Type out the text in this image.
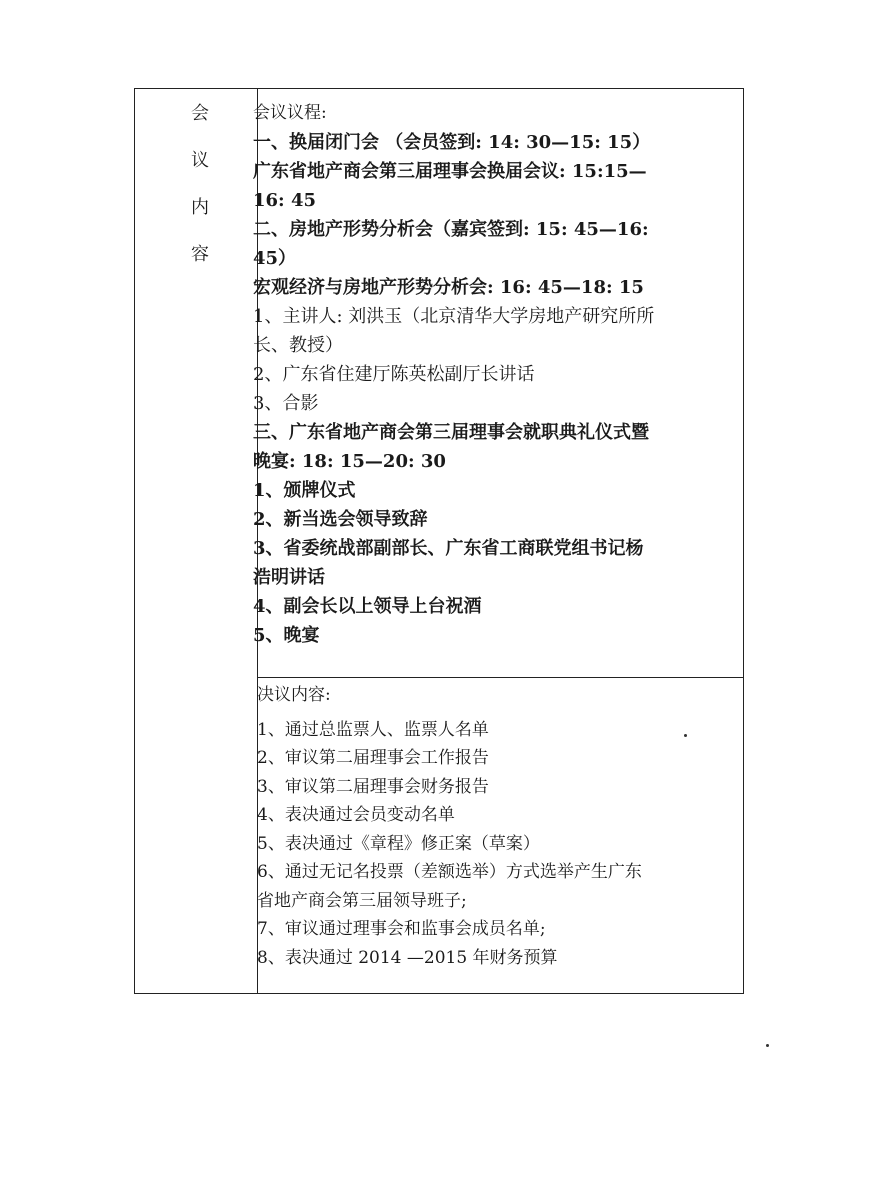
会
议
内
容
会议议程:
一、换届闭门会 （会员签到: 14: 30—15: 15）
广东省地产商会第三届理事会换届会议: 15:15—
16: 45
二、房地产形势分析会（嘉宾签到: 15: 45—16:
45）
宏观经济与房地产形势分析会: 16: 45—18: 15
1、主讲人: 刘洪玉（北京清华大学房地产研究所所
长、教授）
2、广东省住建厅陈英松副厅长讲话
3、合影
三、广东省地产商会第三届理事会就职典礼仪式暨
晚宴: 18: 15—20: 30
1、颁牌仪式
2、新当选会领导致辞
3、省委统战部副部长、广东省工商联党组书记杨
浩明讲话
4、副会长以上领导上台祝酒
5、晚宴
决议内容:
1、通过总监票人、监票人名单
2、审议第二届理事会工作报告
3、审议第二届理事会财务报告
4、表决通过会员变动名单
5、表决通过《章程》修正案（草案）
6、通过无记名投票（差额选举）方式选举产生广东
省地产商会第三届领导班子;
7、审议通过理事会和监事会成员名单;
8、表决通过 2014 —2015 年财务预算
